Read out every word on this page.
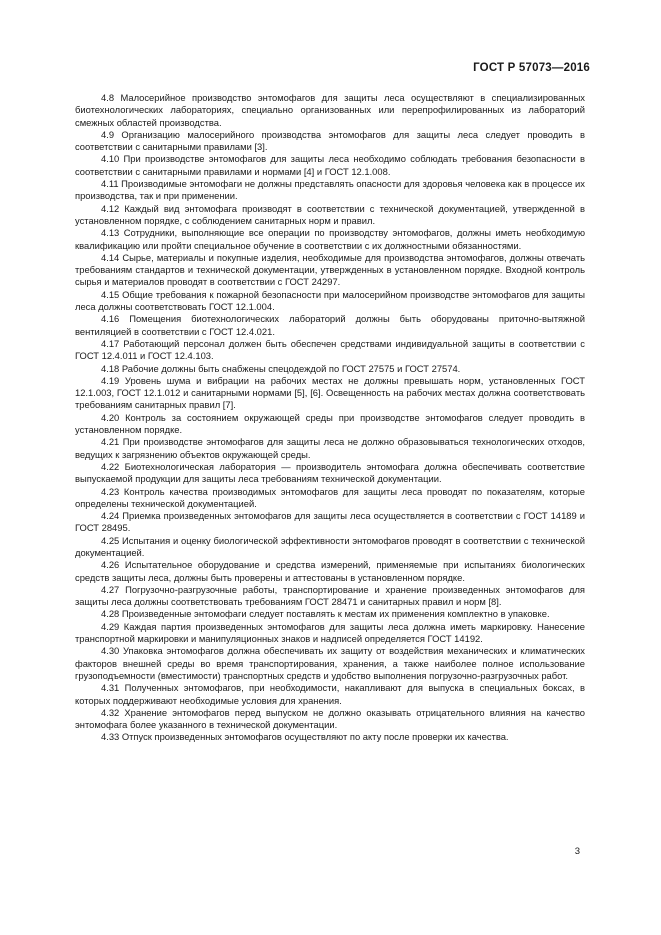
ГОСТ Р 57073—2016

4.8 Малосерийное производство энтомофагов для защиты леса осуществляют в специализированных биотехнологических лабораториях, специально организованных или перепрофилированных из лабораторий смежных областей производства.

4.9 Организацию малосерийного производства энтомофагов для защиты леса следует проводить в соответствии с санитарными правилами [3].

4.10 При производстве энтомофагов для защиты леса необходимо соблюдать требования безопасности в соответствии с санитарными правилами и нормами [4] и ГОСТ 12.1.008.

4.11 Производимые энтомофаги не должны представлять опасности для здоровья человека как в процессе их производства, так и при применении.

4.12 Каждый вид энтомофага производят в соответствии с технической документацией, утвержденной в установленном порядке, с соблюдением санитарных норм и правил.

4.13 Сотрудники, выполняющие все операции по производству энтомофагов, должны иметь необходимую квалификацию или пройти специальное обучение в соответствии с их должностными обязанностями.

4.14 Сырье, материалы и покупные изделия, необходимые для производства энтомофагов, должны отвечать требованиям стандартов и технической документации, утвержденных в установленном порядке. Входной контроль сырья и материалов проводят в соответствии с ГОСТ 24297.

4.15 Общие требования к пожарной безопасности при малосерийном производстве энтомофагов для защиты леса должны соответствовать ГОСТ 12.1.004.

4.16 Помещения биотехнологических лабораторий должны быть оборудованы приточно-вытяжной вентиляцией в соответствии с ГОСТ 12.4.021.

4.17 Работающий персонал должен быть обеспечен средствами индивидуальной защиты в соответствии с ГОСТ 12.4.011 и ГОСТ 12.4.103.

4.18 Рабочие должны быть снабжены спецодеждой по ГОСТ 27575 и ГОСТ 27574.

4.19 Уровень шума и вибрации на рабочих местах не должны превышать норм, установленных ГОСТ 12.1.003, ГОСТ 12.1.012 и санитарными нормами [5], [6]. Освещенность на рабочих местах должна соответствовать требованиям санитарных правил [7].

4.20 Контроль за состоянием окружающей среды при производстве энтомофагов следует проводить в установленном порядке.

4.21 При производстве энтомофагов для защиты леса не должно образовываться технологических отходов, ведущих к загрязнению объектов окружающей среды.

4.22 Биотехнологическая лаборатория — производитель энтомофага должна обеспечивать соответствие выпускаемой продукции для защиты леса требованиям технической документации.

4.23 Контроль качества производимых энтомофагов для защиты леса проводят по показателям, которые определены технической документацией.

4.24 Приемка произведенных энтомофагов для защиты леса осуществляется в соответствии с ГОСТ 14189 и ГОСТ 28495.

4.25 Испытания и оценку биологической эффективности энтомофагов проводят в соответствии с технической документацией.

4.26 Испытательное оборудование и средства измерений, применяемые при испытаниях биологических средств защиты леса, должны быть проверены и аттестованы в установленном порядке.

4.27 Погрузочно-разгрузочные работы, транспортирование и хранение произведенных энтомофагов для защиты леса должны соответствовать требованиям ГОСТ 28471 и санитарных правил и норм [8].

4.28 Произведенные энтомофаги следует поставлять к местам их применения комплектно в упаковке.

4.29 Каждая партия произведенных энтомофагов для защиты леса должна иметь маркировку. Нанесение транспортной маркировки и манипуляционных знаков и надписей определяется ГОСТ 14192.

4.30 Упаковка энтомофагов должна обеспечивать их защиту от воздействия механических и климатических факторов внешней среды во время транспортирования, хранения, а также наиболее полное использование грузоподъемности (вместимости) транспортных средств и удобство выполнения погрузочно-разгрузочных работ.

4.31 Полученных энтомофагов, при необходимости, накапливают для выпуска в специальных боксах, в которых поддерживают необходимые условия для хранения.

4.32 Хранение энтомофагов перед выпуском не должно оказывать отрицательного влияния на качество энтомофага более указанного в технической документации.

4.33 Отпуск произведенных энтомофагов осуществляют по акту после проверки их качества.

3
